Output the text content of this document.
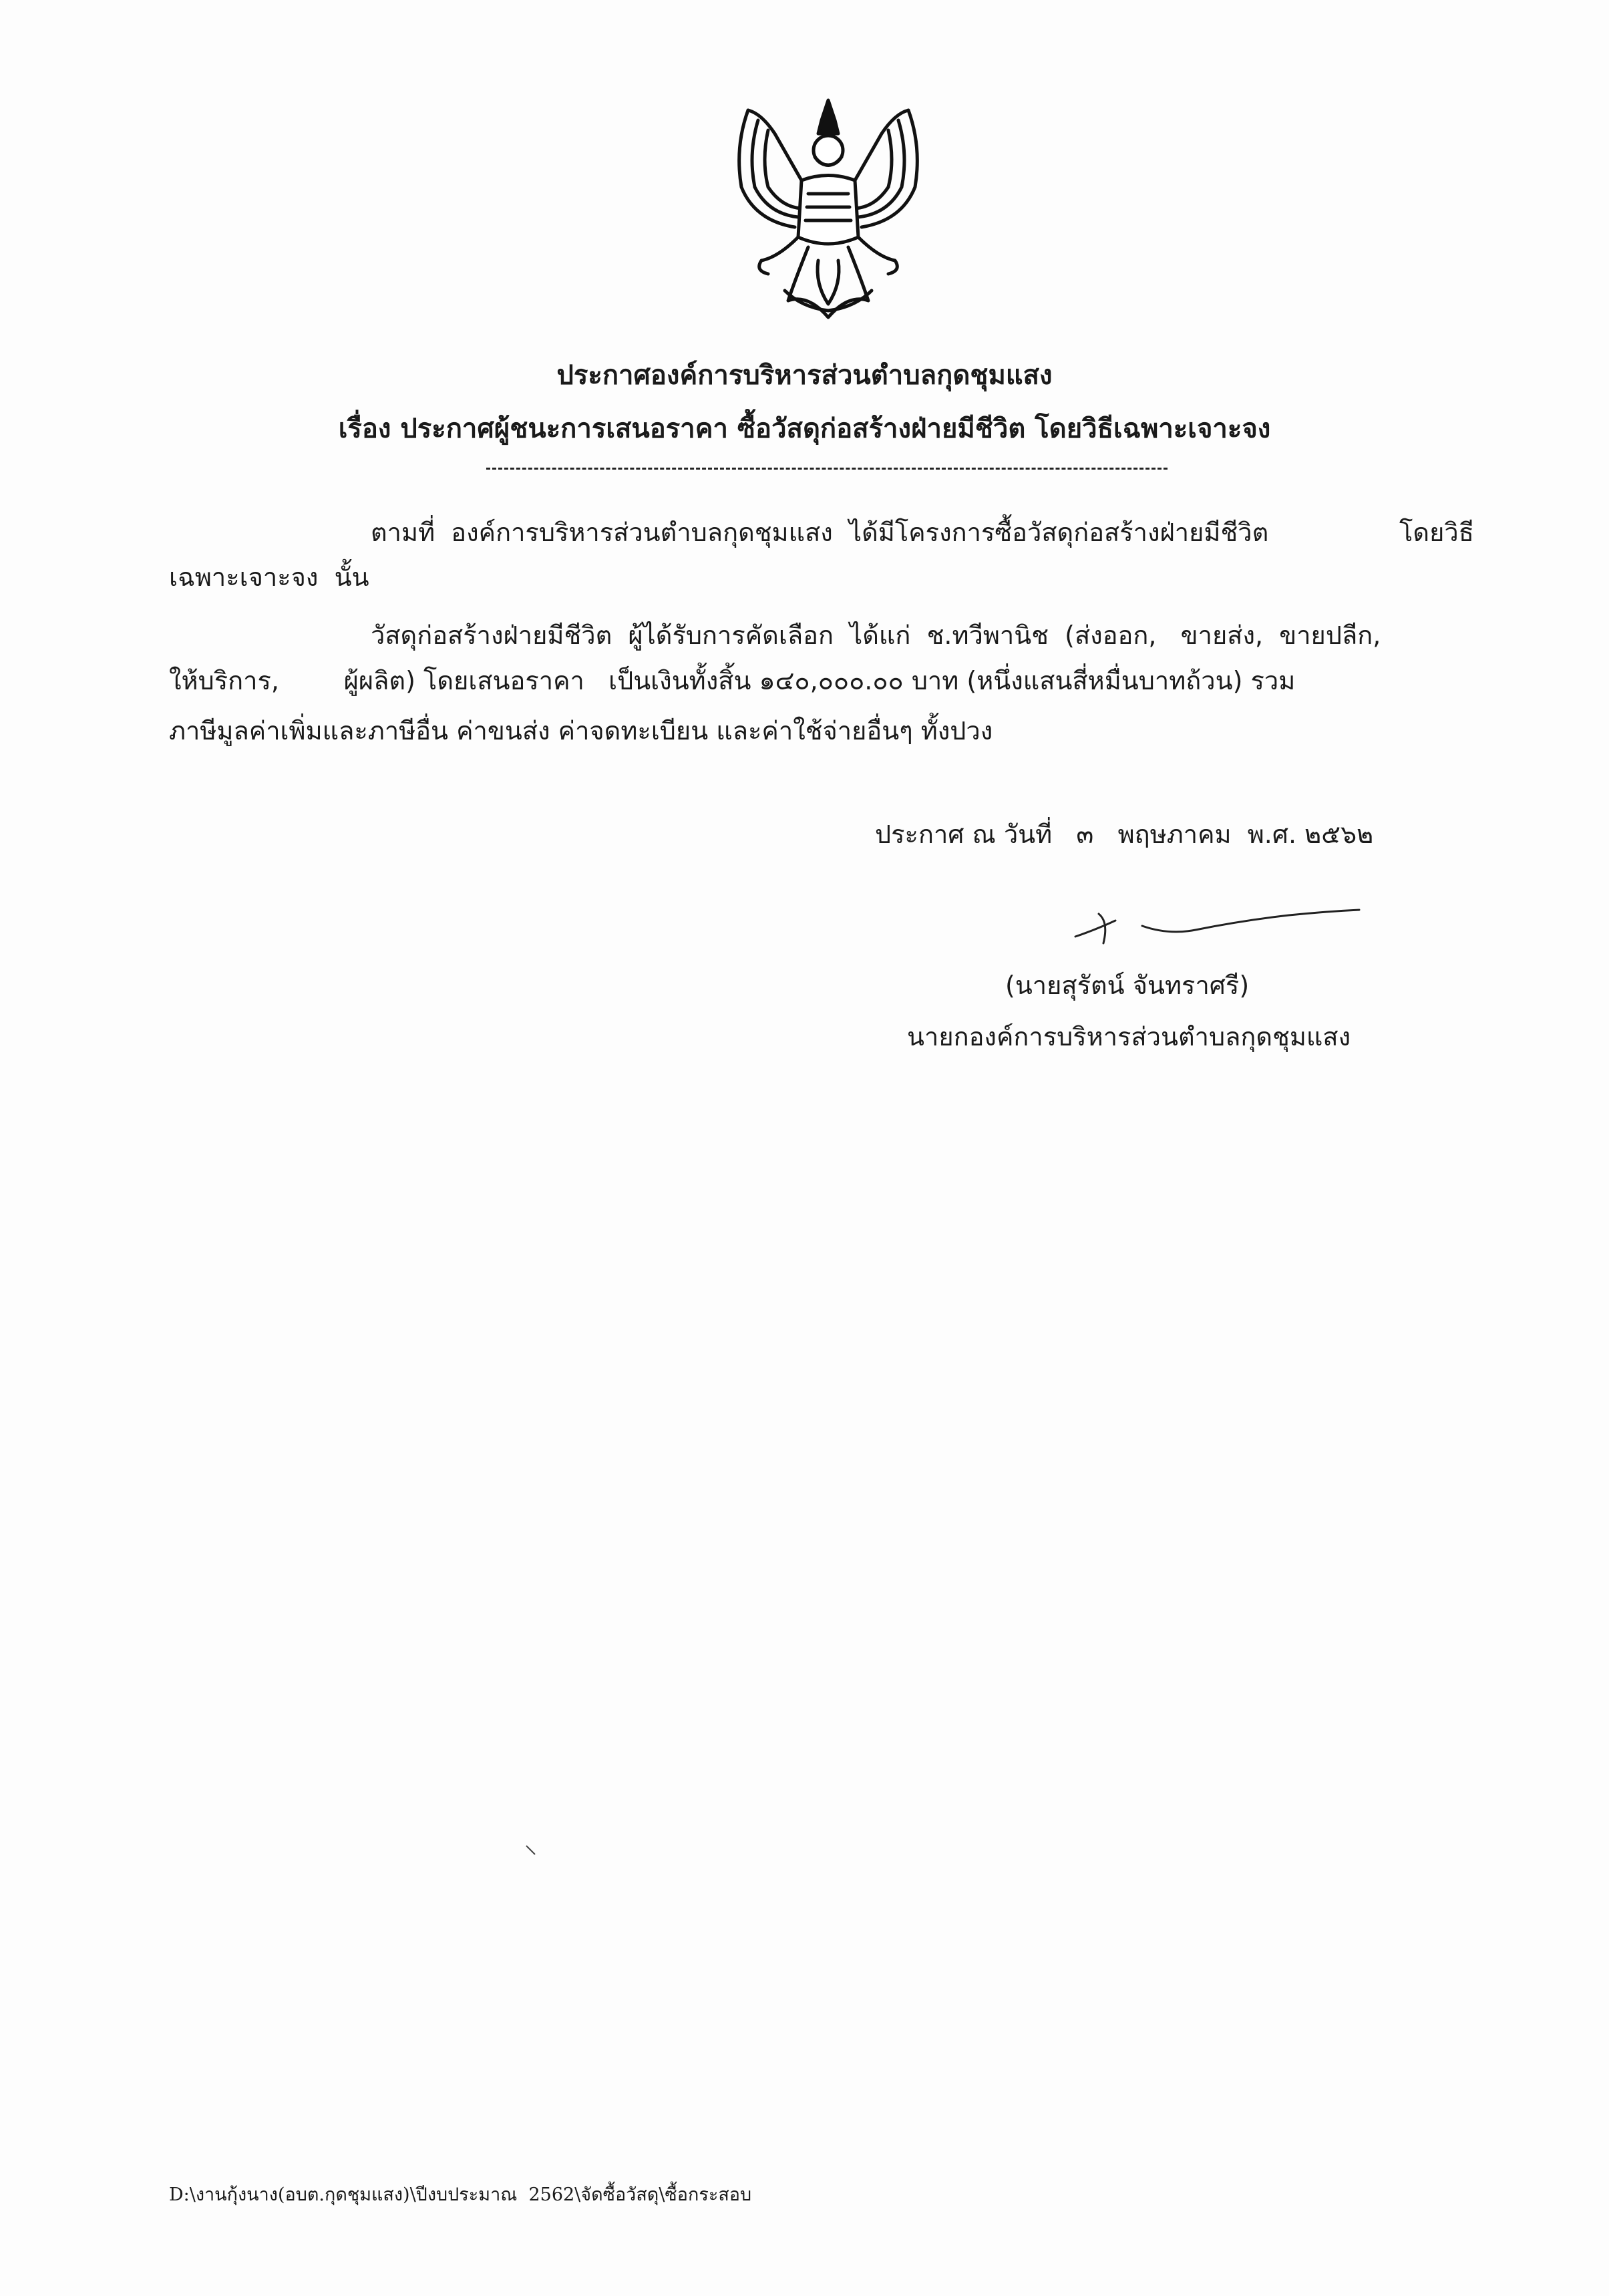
ประกาศองค์การบริหารส่วนตำบลกุดชุมแสง
เรื่อง ประกาศผู้ชนะการเสนอราคา ซื้อวัสดุก่อสร้างฝ่ายมีชีวิต โดยวิธีเฉพาะเจาะจง
ตามที่  องค์การบริหารส่วนตำบลกุดชุมแสง  ได้มีโครงการซื้อวัสดุก่อสร้างฝ่ายมีชีวิต	โดยวิธี
เฉพาะเจาะจง  นั้น
วัสดุก่อสร้างฝ่ายมีชีวิต  ผู้ได้รับการคัดเลือก  ได้แก่  ช.ทวีพานิช  (ส่งออก,   ขายส่ง,  ขายปลีก,
ให้บริการ,        ผู้ผลิต) โดยเสนอราคา   เป็นเงินทั้งสิ้น ๑๔๐,๐๐๐.๐๐ บาท (หนึ่งแสนสี่หมื่นบาทถ้วน) รวม
ภาษีมูลค่าเพิ่มและภาษีอื่น ค่าขนส่ง ค่าจดทะเบียน และค่าใช้จ่ายอื่นๆ ทั้งปวง
ประกาศ ณ วันที่   ๓   พฤษภาคม  พ.ศ. ๒๕๖๒
(นายสุรัตน์ จันทราศรี)
นายกองค์การบริหารส่วนตำบลกุดชุมแสง
D:\งานกุ้งนาง(อบต.กุดชุมแสง)\ปีงบประมาณ  2562\จัดซื้อวัสดุ\ซื้อกระสอบ
